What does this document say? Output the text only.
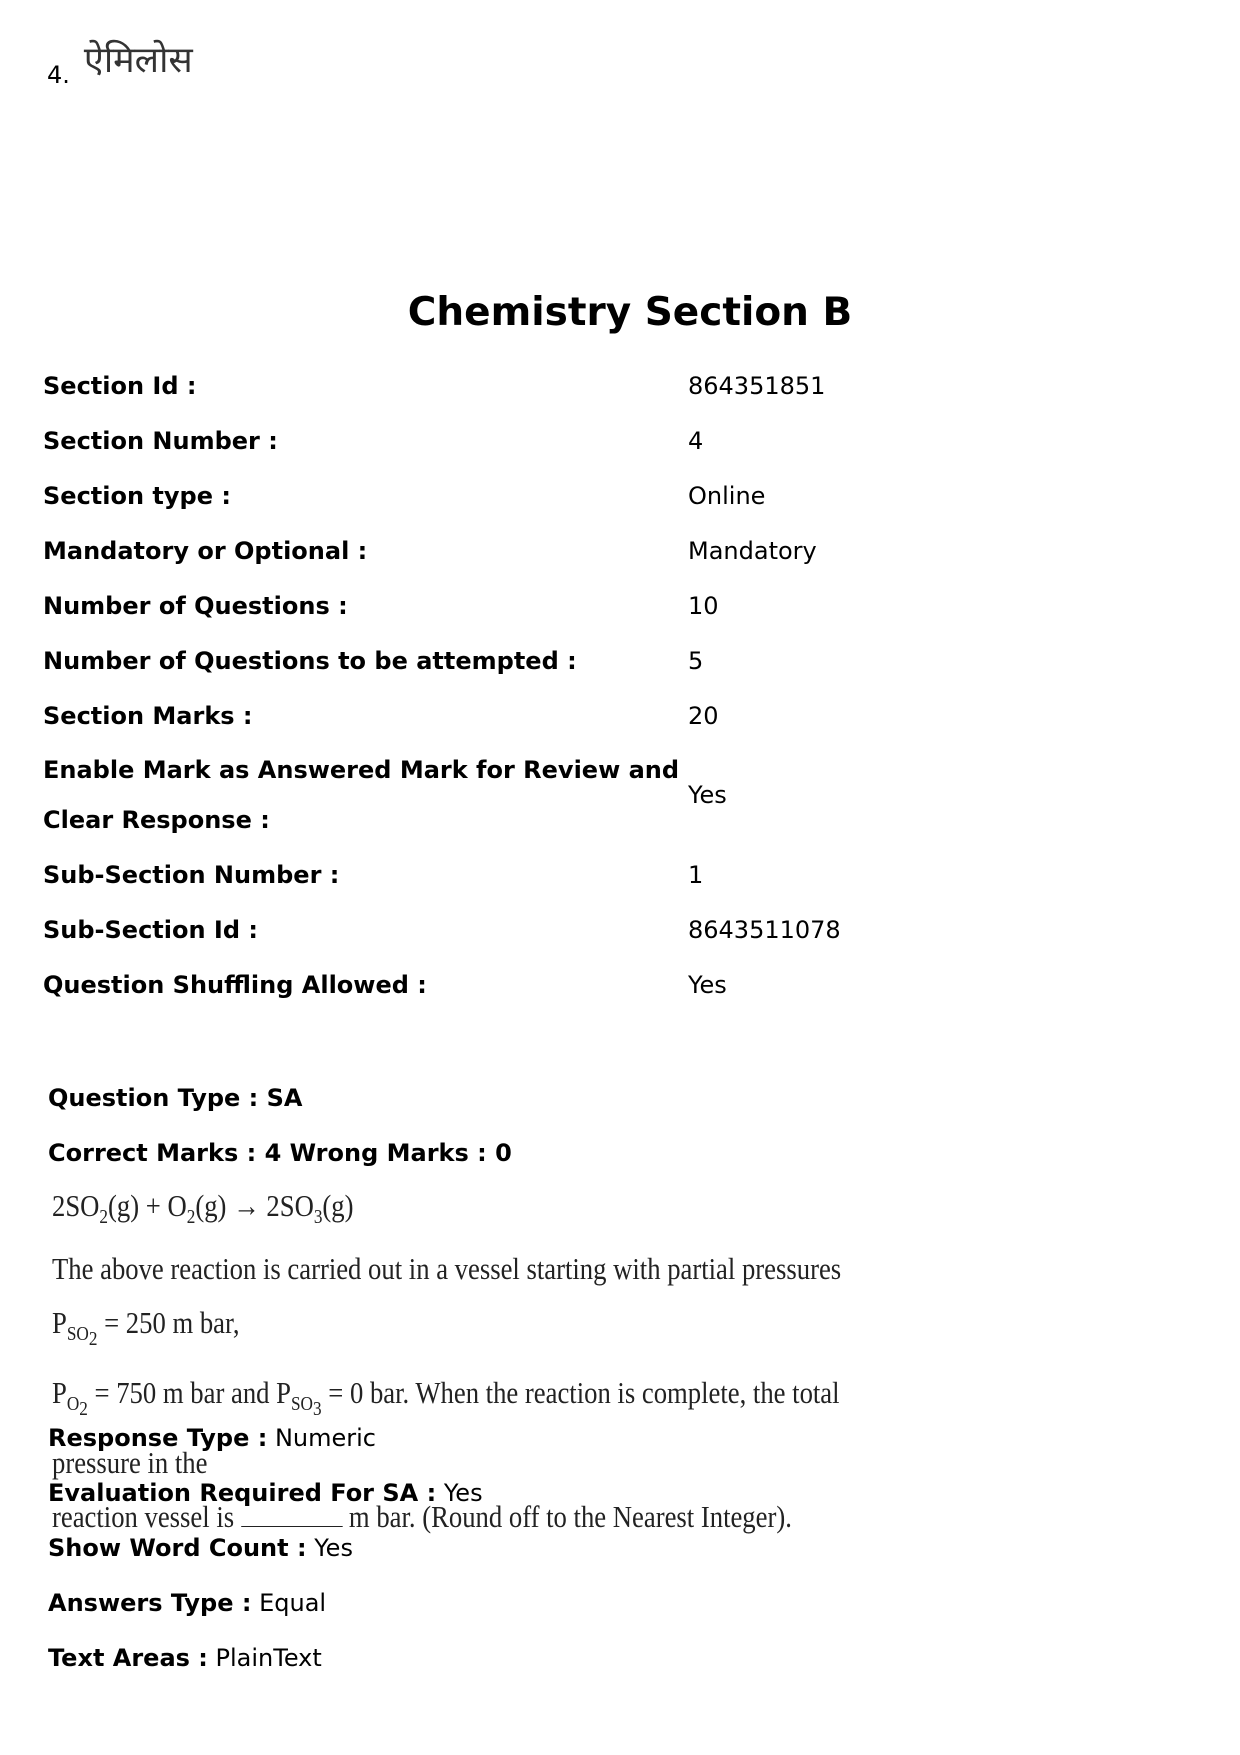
4. ऐमिलोस
Chemistry Section B
Section Id :	864351851
Section Number :	4
Section type :	Online
Mandatory or Optional :	Mandatory
Number of Questions :	10
Number of Questions to be attempted :	5
Section Marks :	20
Enable Mark as Answered Mark for Review and Clear Response :
Yes
Sub-Section Number :	1
Sub-Section Id :	8643511078
Question Shuffling Allowed :	Yes
Question Type : SA
Correct Marks : 4 Wrong Marks : 0
$2SO_2(g) + O_2(g) \to 2SO_3(g)$
The above reaction is carried out in a vessel starting with partial pressures $P_{SO_2} = 250$ m bar,
$P_{O_2} = 750$ m bar and $P_{SO_3} = 0$ bar. When the reaction is complete, the total pressure in the
reaction vessel is	m bar. (Round off to the Nearest Integer).
Response Type : Numeric
Evaluation Required For SA : Yes
Show Word Count : Yes
Answers Type : Equal
Text Areas : PlainText
